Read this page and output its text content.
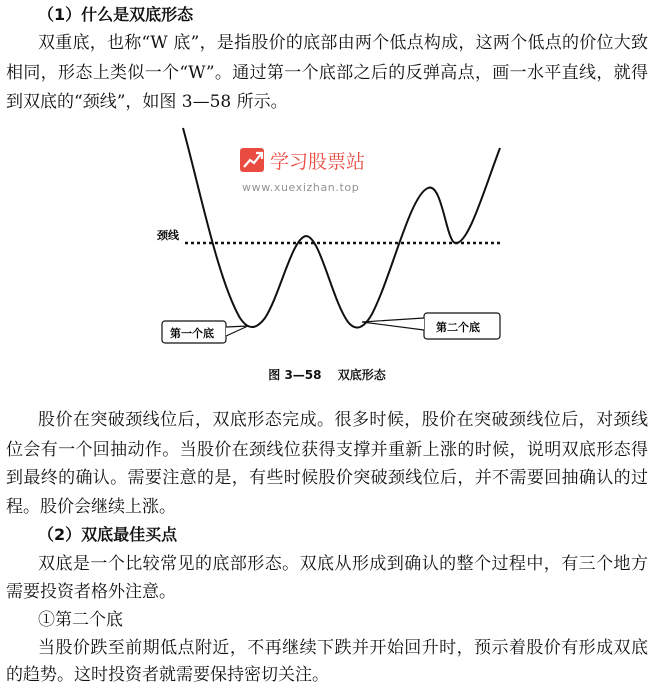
（1）什么是双底形态
双重底，也称“W 底”，是指股价的底部由两个低点构成，这两个低点的价位大致
相同，形态上类似一个“W”。通过第一个底部之后的反弹高点，画一水平直线，就得
到双底的“颈线”，如图 3—58 所示。
颈线
第一个底	第二个底
学习股票站
www.xuexizhan.top
图 3—58 双底形态
股价在突破颈线位后，双底形态完成。很多时候，股价在突破颈线位后，对颈线
位会有一个回抽动作。当股价在颈线位获得支撑并重新上涨的时候，说明双底形态得
到最终的确认。需要注意的是，有些时候股价突破颈线位后，并不需要回抽确认的过
程。股价会继续上涨。
（2）双底最佳买点
双底是一个比较常见的底部形态。双底从形成到确认的整个过程中，有三个地方
需要投资者格外注意。
①第二个底
当股价跌至前期低点附近，不再继续下跌并开始回升时，预示着股价有形成双底
的趋势。这时投资者就需要保持密切关注。
